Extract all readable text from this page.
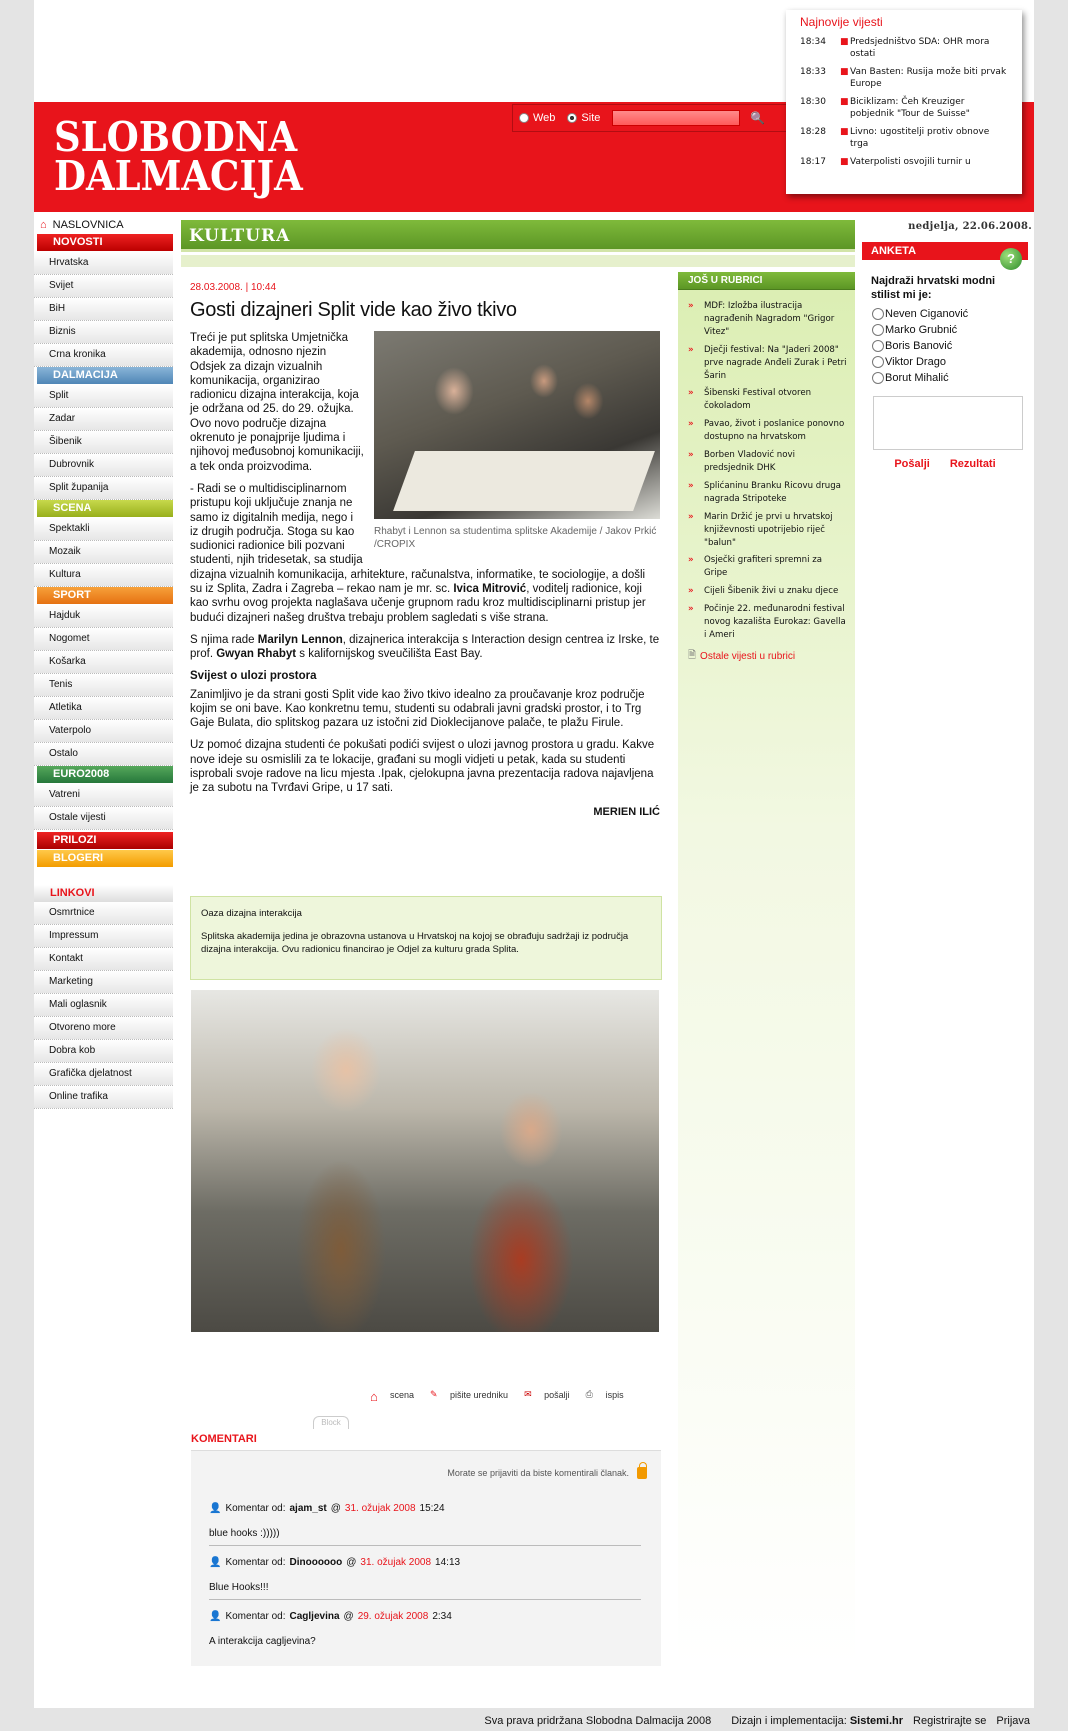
SLOBODNA
DALMACIJA
Web Site	🔍
Najnovije vijesti
18:34	■ Predsjedništvo SDA: OHR mora ostati
18:33	■ Van Basten: Rusija može biti prvak Europe
18:30	■ Biciklizam: Čeh Kreuziger pobjednik "Tour de Suisse"
18:28	■ Livno: ugostitelji protiv obnove trga
18:17	■ Vaterpolisti osvojili turnir u
⌂ NASLOVNICA
NOVOSTI
Hrvatska
Svijet
BiH
Biznis
Crna kronika
DALMACIJA
Split
Zadar
Šibenik
Dubrovnik
Split županija
SCENA
Spektakli
Mozaik
Kultura
SPORT
Hajduk
Nogomet
Košarka
Tenis
Atletika
Vaterpolo
Ostalo
EURO2008
Vatreni
Ostale vijesti
PRILOZI
BLOGERI
LINKOVI
Osmrtnice
Impressum
Kontakt
Marketing
Mali oglasnik
Otvoreno more
Dobra kob
Grafička djelatnost
Online trafika
KULTURA
28.03.2008. | 10:44
Gosti dizajneri Split vide kao živo tkivo
Rhabyt i Lennon sa studentima splitske Akademije / Jakov Prkić /CROPIX

Treći je put splitska Umjetnička akademija, odnosno njezin Odsjek za dizajn vizualnih komunikacija, organizirao radionicu dizajna interakcija, koja je održana od 25. do 29. ožujka. Ovo novo područje dizajna okrenuto je ponajprije ljudima i njihovoj međusobnoj komunikaciji, a tek onda proizvodima.

- Radi se o multidisciplinarnom pristupu koji uključuje znanja ne samo iz digitalnih medija, nego i iz drugih područja. Stoga su kao sudionici radionice bili pozvani studenti, njih tridesetak, sa studija dizajna vizualnih komunikacija, arhitekture, računalstva, informatike, te sociologije, a došli su iz Splita, Zadra i Zagreba – rekao nam je mr. sc. Ivica Mitrović, voditelj radionice, koji kao svrhu ovog projekta naglašava učenje grupnom radu kroz multidisciplinarni pristup jer budući dizajneri našeg društva trebaju problem sagledati s više strana.

S njima rade Marilyn Lennon, dizajnerica interakcija s Interaction design centrea iz Irske, te prof. Gwyan Rhabyt s kalifornijskog sveučilišta East Bay.

Svijest o ulozi prostora

Zanimljivo je da strani gosti Split vide kao živo tkivo idealno za proučavanje kroz područje kojim se oni bave. Kao konkretnu temu, studenti su odabrali javni gradski prostor, i to Trg Gaje Bulata, dio splitskog pazara uz istočni zid Dioklecijanove palače, te plažu Firule.

Uz pomoć dizajna studenti će pokušati podići svijest o ulozi javnog prostora u gradu. Kakve nove ideje su osmislili za te lokacije, građani su mogli vidjeti u petak, kada su studenti isprobali svoje radove na licu mjesta .Ipak, cjelokupna javna prezentacija radova najavljena je za subotu na Tvrđavi Gripe, u 17 sati.

MERIEN ILIĆ
Oaza dizajna interakcija
Splitska akademija jedina je obrazovna ustanova u Hrvatskoj na kojoj se obrađuju sadržaji iz područja dizajna interakcija. Ovu radionicu financirao je Odjel za kulturu grada Splita.
⌂	scena ✎	pišite uredniku ✉	pošalji ⎙	ispis
Block
KOMENTARI
Morate se prijaviti da biste komentirali članak.
👤 Komentar od: ajam_st @ 31. ožujak 2008 15:24
blue hooks :)))))
👤 Komentar od: Dinoooooo @ 31. ožujak 2008 14:13
Blue Hooks!!!
👤 Komentar od: Cagljevina @ 29. ožujak 2008 2:34
A interakcija cagljevina?
JOŠ U RUBRICI
»	MDF: Izložba ilustracija nagrađenih Nagradom "Grigor Vitez"
»	Dječji festival: Na "Jaderi 2008" prve nagrade Anđeli Zurak i Petri Šarin
»	Šibenski Festival otvoren čokoladom
»	Pavao, život i poslanice ponovno dostupno na hrvatskom
»	Borben Vladović novi predsjednik DHK
»	Splićaninu Branku Ricovu druga nagrada Stripoteke
»	Marin Držić je prvi u hrvatskoj književnosti upotrijebio riječ "balun"
»	Osječki grafiteri spremni za Gripe
»	Cijeli Šibenik živi u znaku djece
»	Počinje 22. međunarodni festival novog kazališta Eurokaz: Gavella i Ameri
🗎 Ostale vijesti u rubrici
nedjelja, 22.06.2008.
ANKETA	?
Najdraži hrvatski modni stilist mi je:
Neven Ciganović
Marko Grubnić
Boris Banović
Viktor Drago
Borut Mihalić
Pošalji Rezultati
Sva prava pridržana Slobodna Dalmacija 2008	Dizajn i implementacija: Sistemi.hr Registrirajte se Prijava
